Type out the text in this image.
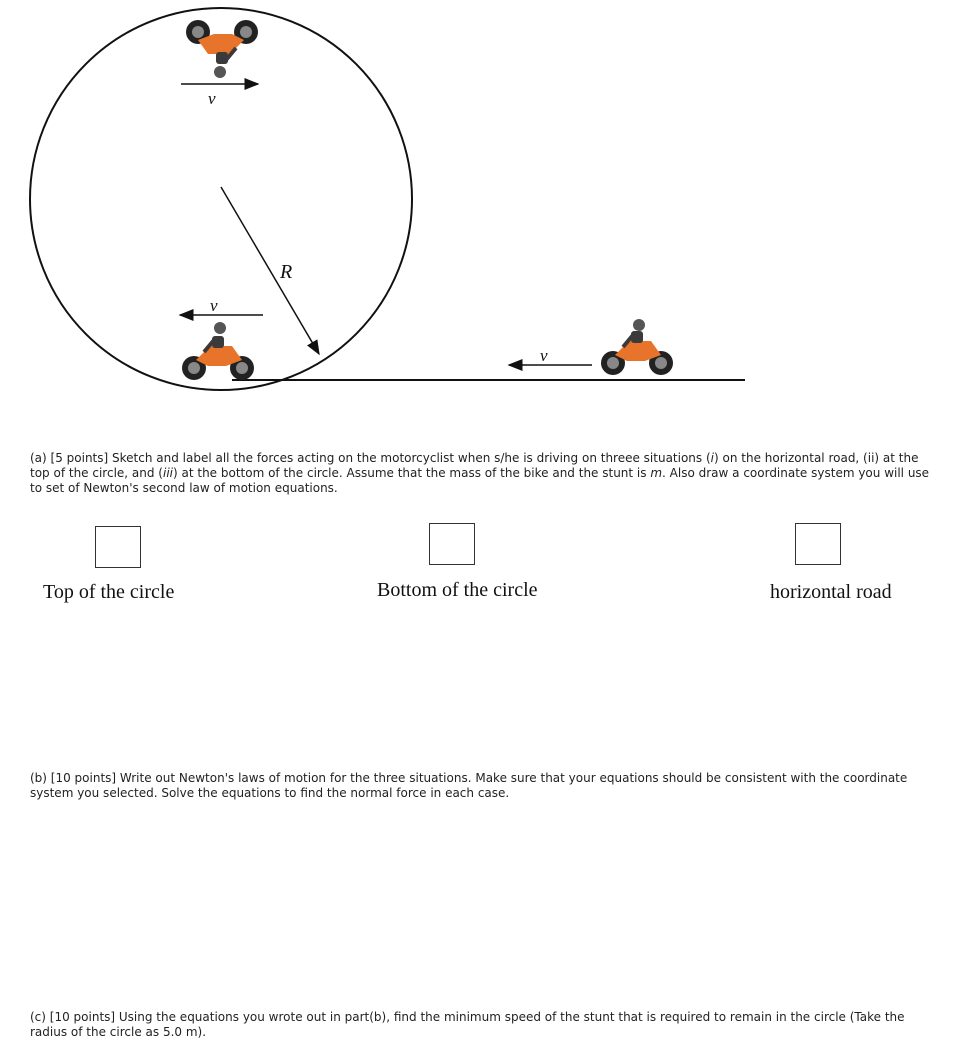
R
v
v
v
(a) [5 points] Sketch and label all the forces acting on the motorcyclist when s/he is driving on threee situations (i) on the horizontal road, (ii) at the top of the circle, and (iii) at the bottom of the circle. Assume that the mass of the bike and the stunt is m. Also draw a coordinate system you will use to set of Newton's second law of motion equations.
Top of the circle	Bottom of the circle	horizontal road
(b) [10 points] Write out Newton's laws of motion for the three situations. Make sure that your equations should be consistent with the coordinate system you selected. Solve the equations to find the normal force in each case.
(c) [10 points] Using the equations you wrote out in part(b), find the minimum speed of the stunt that is required to remain in the circle (Take the radius of the circle as 5.0 m).
